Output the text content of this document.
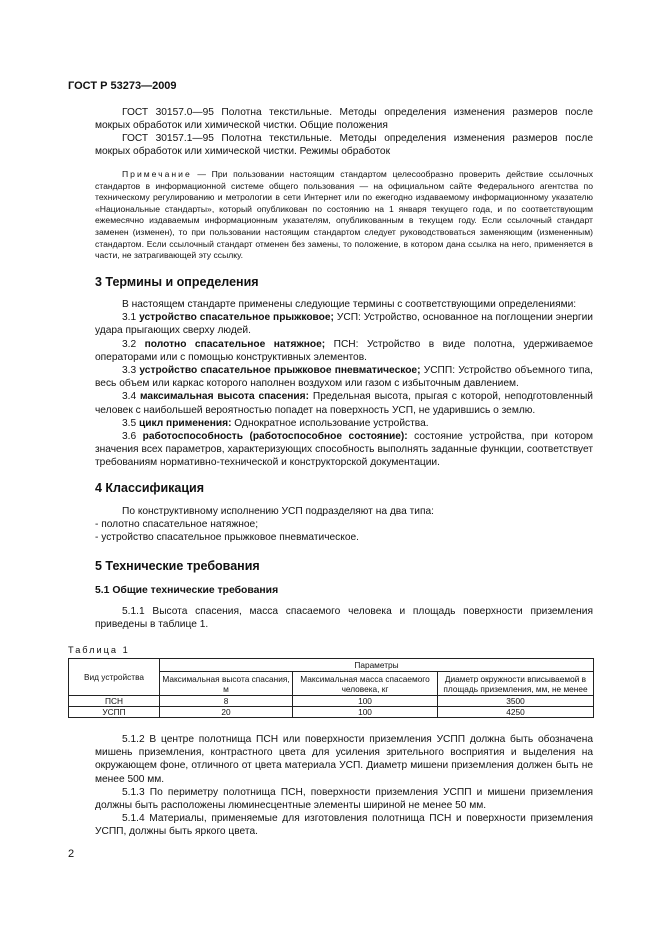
ГОСТ Р 53273—2009

ГОСТ 30157.0—95 Полотна текстильные. Методы определения изменения размеров после мокрых обработок или химической чистки. Общие положения

ГОСТ 30157.1—95 Полотна текстильные. Методы определения изменения размеров после мокрых обработок или химической чистки. Режимы обработок

Примечание — При пользовании настоящим стандартом целесообразно проверить действие ссылочных стандартов в информационной системе общего пользования — на официальном сайте Федерального агентства по техническому регулированию и метрологии в сети Интернет или по ежегодно издаваемому информационному указателю «Национальные стандарты», который опубликован по состоянию на 1 января текущего года, и по соответствующим ежемесячно издаваемым информационным указателям, опубликованным в текущем году. Если ссылочный стандарт заменен (изменен), то при пользовании настоящим стандартом следует руководствоваться заменяющим (измененным) стандартом. Если ссылочный стандарт отменен без замены, то положение, в котором дана ссылка на него, применяется в части, не затрагивающей эту ссылку.

3 Термины и определения

В настоящем стандарте применены следующие термины с соответствующими определениями:

3.1 устройство спасательное прыжковое; УСП: Устройство, основанное на поглощении энергии удара прыгающих сверху людей.

3.2 полотно спасательное натяжное; ПСН: Устройство в виде полотна, удерживаемое операторами или с помощью конструктивных элементов.

3.3 устройство спасательное прыжковое пневматическое; УСПП: Устройство объемного типа, весь объем или каркас которого наполнен воздухом или газом с избыточным давлением.

3.4 максимальная высота спасения: Предельная высота, прыгая с которой, неподготовленный человек с наибольшей вероятностью попадет на поверхность УСП, не ударившись о землю.

3.5 цикл применения: Однократное использование устройства.

3.6 работоспособность (работоспособное состояние): состояние устройства, при котором значения всех параметров, характеризующих способность выполнять заданные функции, соответствует требованиям нормативно-технической и конструкторской документации.

4 Классификация

По конструктивному исполнению УСП подразделяют на два типа:

- полотно спасательное натяжное;

- устройство спасательное прыжковое пневматическое.

5 Технические требования
5.1 Общие технические требования

5.1.1 Высота спасения, масса спасаемого человека и площадь поверхности приземления приведены в таблице 1.

Таблица 1
Вид устройства	Параметры		
	Максимальная высота спасания, м	Максимальная масса спасаемого человека, кг	Диаметр окружности вписываемой в площадь приземления, мм, не менее
ПСН	8	100	3500
УСПП	20	100	4250

5.1.2 В центре полотнища ПСН или поверхности приземления УСПП должна быть обозначена мишень приземления, контрастного цвета для усиления зрительного восприятия и выделения на окружающем фоне, отличного от цвета материала УСП. Диаметр мишени приземления должен быть не менее 500 мм.

5.1.3 По периметру полотнища ПСН, поверхности приземления УСПП и мишени приземления должны быть расположены люминесцентные элементы шириной не менее 50 мм.

5.1.4 Материалы, применяемые для изготовления полотнища ПСН и поверхности приземления УСПП, должны быть яркого цвета.

2
